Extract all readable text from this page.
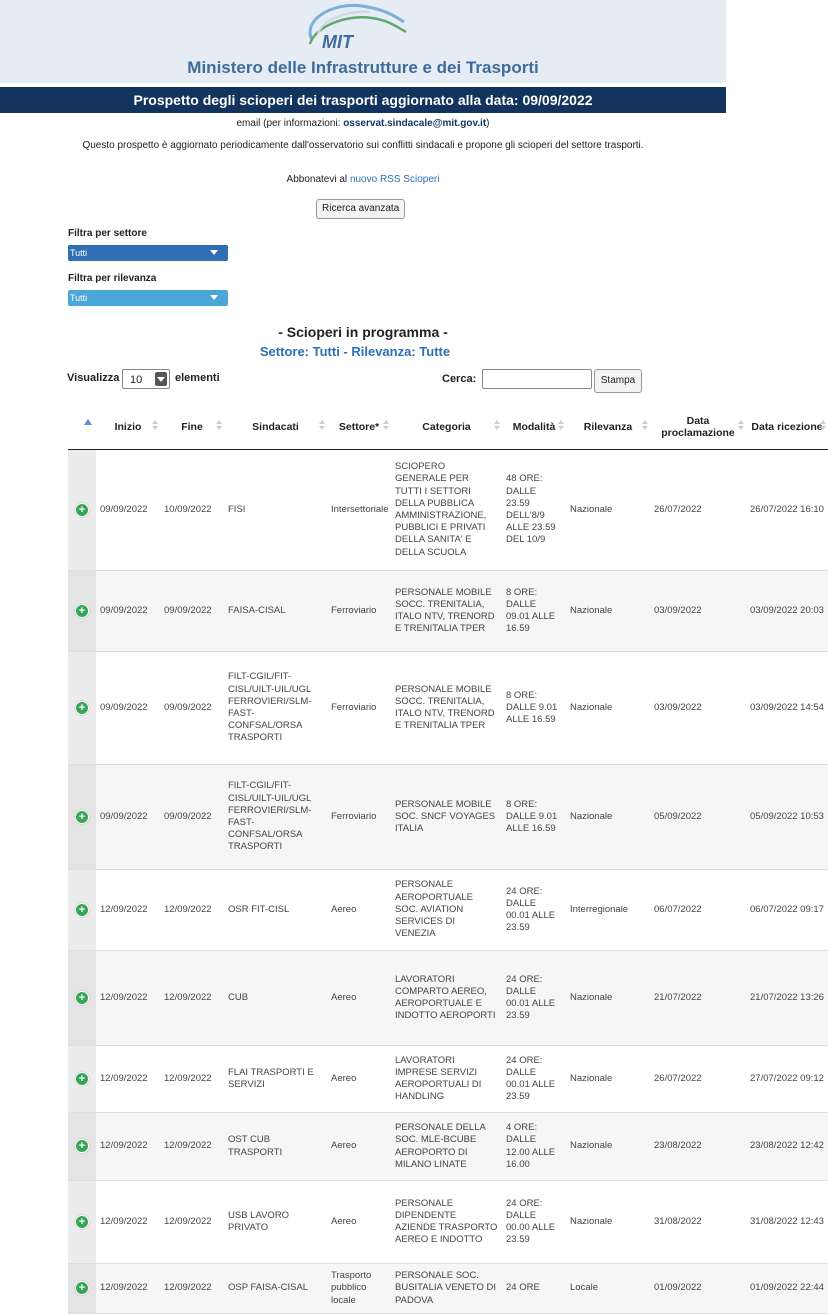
MIT
Ministero delle Infrastrutture e dei Trasporti
Prospetto degli scioperi dei trasporti aggiornato alla data: 09/09/2022
email (per informazioni: osservat.sindacale@mit.gov.it)
Questo prospetto è aggiornato periodicamente dall'osservatorio sui conflitti sindacali e propone gli scioperi del settore trasporti.
Abbonatevi al nuovo RSS Scioperi
Ricerca avanzata
Filtra per settore
Tutti
Filtra per rilevanza
Tutti
- Scioperi in programma -
Settore: Tutti - Rilevanza: Tutte
Visualizza 10	elementi	Cerca:	Stampa
	Inizio	Fine	Sindacati	Settore*	Categoria	Modalità	Rilevanza	Data proclamazione	Data ricezione

+	09/09/2022	10/09/2022	FISI	Intersettoriale	SCIOPERO GENERALE PER TUTTI I SETTORI DELLA PUBBLICA AMMINISTRAZIONE, PUBBLICI E PRIVATI DELLA SANITA' E DELLA SCUOLA	48 ORE: DALLE 23.59 DELL'8/9 ALLE 23.59 DEL 10/9	Nazionale	26/07/2022	26/07/2022 16:10
+	09/09/2022	09/09/2022	FAISA-CISAL	Ferroviario	PERSONALE MOBILE SOCC. TRENITALIA, ITALO NTV, TRENORD E TRENITALIA TPER	8 ORE: DALLE 09.01 ALLE 16.59	Nazionale	03/09/2022	03/09/2022 20:03
+	09/09/2022	09/09/2022	FILT-CGIL/FIT-CISL/UILT-UIL/UGL FERROVIERI/SLM-FAST-CONFSAL/ORSA TRASPORTI	Ferroviario	PERSONALE MOBILE SOCC. TRENITALIA, ITALO NTV, TRENORD E TRENITALIA TPER	8 ORE: DALLE 9.01 ALLE 16.59	Nazionale	03/09/2022	03/09/2022 14:54
+	09/09/2022	09/09/2022	FILT-CGIL/FIT-CISL/UILT-UIL/UGL FERROVIERI/SLM-FAST-CONFSAL/ORSA TRASPORTI	Ferroviario	PERSONALE MOBILE SOC. SNCF VOYAGES ITALIA	8 ORE: DALLE 9.01 ALLE 16.59	Nazionale	05/09/2022	05/09/2022 10:53
+	12/09/2022	12/09/2022	OSR FIT-CISL	Aereo	PERSONALE AEROPORTUALE SOC. AVIATION SERVICES DI VENEZIA	24 ORE: DALLE 00.01 ALLE 23.59	Interregionale	06/07/2022	06/07/2022 09:17
+	12/09/2022	12/09/2022	CUB	Aereo	LAVORATORI COMPARTO AEREO, AEROPORTUALE E INDOTTO AEROPORTI	24 ORE: DALLE 00.01 ALLE 23.59	Nazionale	21/07/2022	21/07/2022 13:26
+	12/09/2022	12/09/2022	FLAI TRASPORTI E SERVIZI	Aereo	LAVORATORI IMPRESE SERVIZI AEROPORTUALI DI HANDLING	24 ORE: DALLE 00.01 ALLE 23.59	Nazionale	26/07/2022	27/07/2022 09:12
+	12/09/2022	12/09/2022	OST CUB TRASPORTI	Aereo	PERSONALE DELLA SOC. MLE-BCUBE AEROPORTO DI MILANO LINATE	4 ORE: DALLE 12.00 ALLE 16.00	Nazionale	23/08/2022	23/08/2022 12:42
+	12/09/2022	12/09/2022	USB LAVORO PRIVATO	Aereo	PERSONALE DIPENDENTE AZIENDE TRASPORTO AEREO E INDOTTO	24 ORE: DALLE 00.00 ALLE 23.59	Nazionale	31/08/2022	31/08/2022 12:43
+	12/09/2022	12/09/2022	OSP FAISA-CISAL	Trasporto pubblico locale	PERSONALE SOC. BUSITALIA VENETO DI PADOVA	24 ORE	Locale	01/09/2022	01/09/2022 22:44
